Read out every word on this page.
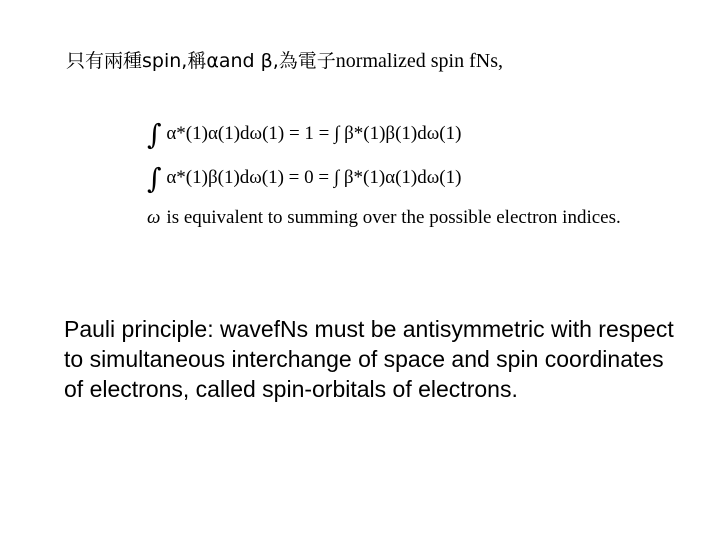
只有兩種spin,稱αand β,為電子normalized spin fNs,
∫ α*(1)α(1)dω(1) = 1 = ∫ β*(1)β(1)dω(1)
∫ α*(1)β(1)dω(1) = 0 = ∫ β*(1)α(1)dω(1)
ω is equivalent to summing over the possible electron indices.
Pauli principle: wavefNs must be antisymmetric with respect to simultaneous interchange of space and spin coordinates of electrons, called spin-orbitals of electrons.
